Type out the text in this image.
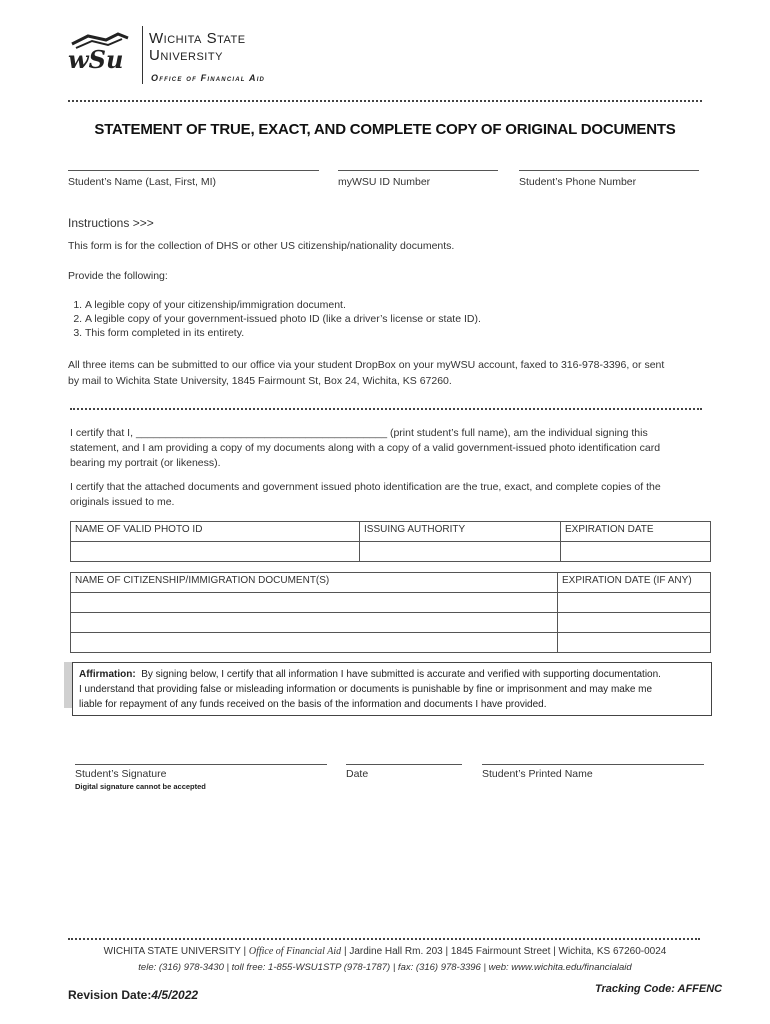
wSu
Wichita State
University
Office of Financial Aid
STATEMENT OF TRUE, EXACT, AND COMPLETE COPY OF ORIGINAL DOCUMENTS
Student’s Name (Last, First, MI)	myWSU ID Number	Student’s Phone Number
Instructions >>>
This form is for the collection of DHS or other US citizenship/nationality documents.
Provide the following:
1. A legible copy of your citizenship/immigration document.
2. A legible copy of your government-issued photo ID (like a driver’s license or state ID).
3. This form completed in its entirety.
All three items can be submitted to our office via your student DropBox on your myWSU account, faxed to 316-978-3396, or sent
by mail to Wichita State University, 1845 Fairmount St, Box 24, Wichita, KS 67260.
I certify that I, ___________________________________________ (print student’s full name), am the individual signing this
statement, and I am providing a copy of my documents along with a copy of a valid government-issued photo identification card
bearing my portrait (or likeness).
I certify that the attached documents and government issued photo identification are the true, exact, and complete copies of the
originals issued to me.
NAME OF VALID PHOTO ID	ISSUING AUTHORITY	EXPIRATION DATE

NAME OF CITIZENSHIP/IMMIGRATION DOCUMENT(S)	EXPIRATION DATE (IF ANY)

Affirmation: By signing below, I certify that all information I have submitted is accurate and verified with supporting documentation.
I understand that providing false or misleading information or documents is punishable by fine or imprisonment and may make me
liable for repayment of any funds received on the basis of the information and documents I have provided.
Student’s Signature	Date	Student’s Printed Name
Digital signature cannot be accepted
WICHITA STATE UNIVERSITY | Office of Financial Aid | Jardine Hall Rm. 203 | 1845 Fairmount Street | Wichita, KS 67260-0024
tele: (316) 978-3430 | toll free: 1-855-WSU1STP (978-1787) | fax: (316) 978-3396 | web: www.wichita.edu/financialaid
Revision Date:4/5/2022	Tracking Code: AFFENC
